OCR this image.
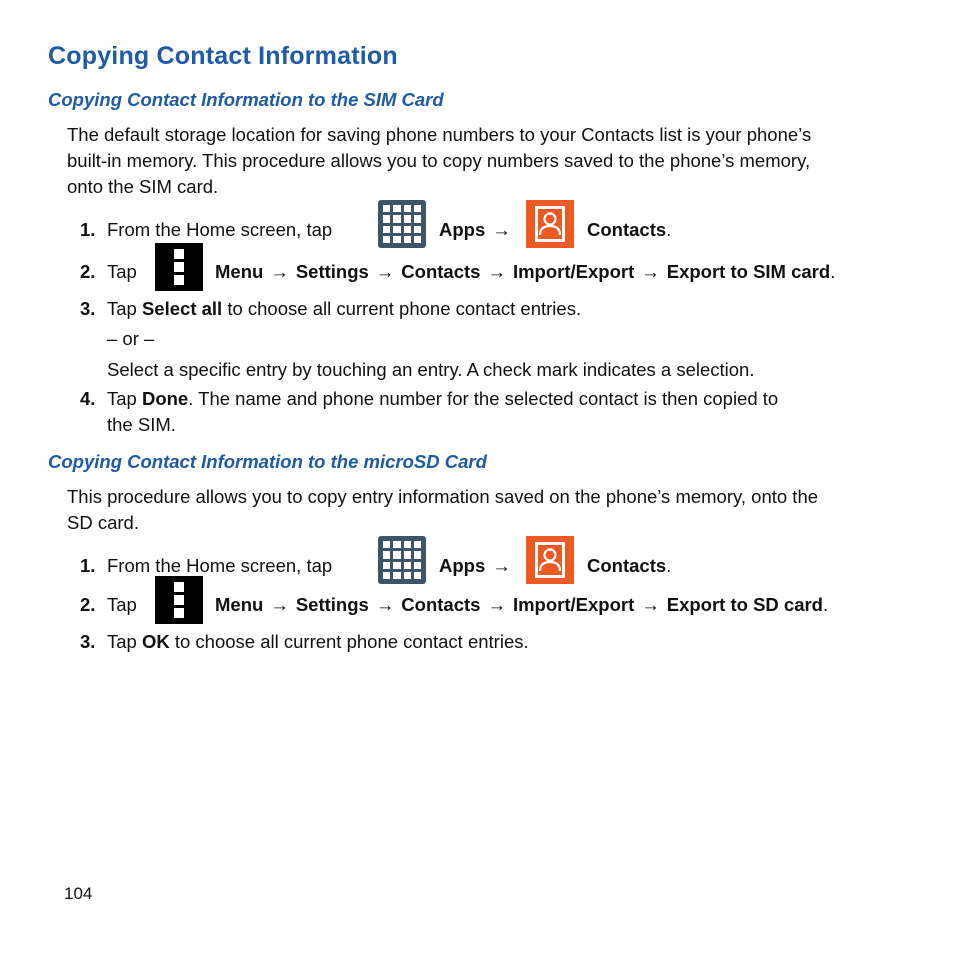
Copying Contact Information
Copying Contact Information to the SIM Card
The default storage location for saving phone numbers to your Contacts list is your phone’s
built-in memory. This procedure allows you to copy numbers saved to the phone’s memory,
onto the SIM card.
1. From the Home screen, tap	Apps →	Contacts.
2. Tap	Menu → Settings → Contacts → Import/Export → Export to SIM card.
3. Tap Select all to choose all current phone contact entries.
– or –
Select a specific entry by touching an entry. A check mark indicates a selection.
4. Tap Done. The name and phone number for the selected contact is then copied to
the SIM.
Copying Contact Information to the microSD Card
This procedure allows you to copy entry information saved on the phone’s memory, onto the
SD card.
1. From the Home screen, tap	Apps →	Contacts.
2. Tap	Menu → Settings → Contacts → Import/Export → Export to SD card.
3. Tap OK to choose all current phone contact entries.
104
